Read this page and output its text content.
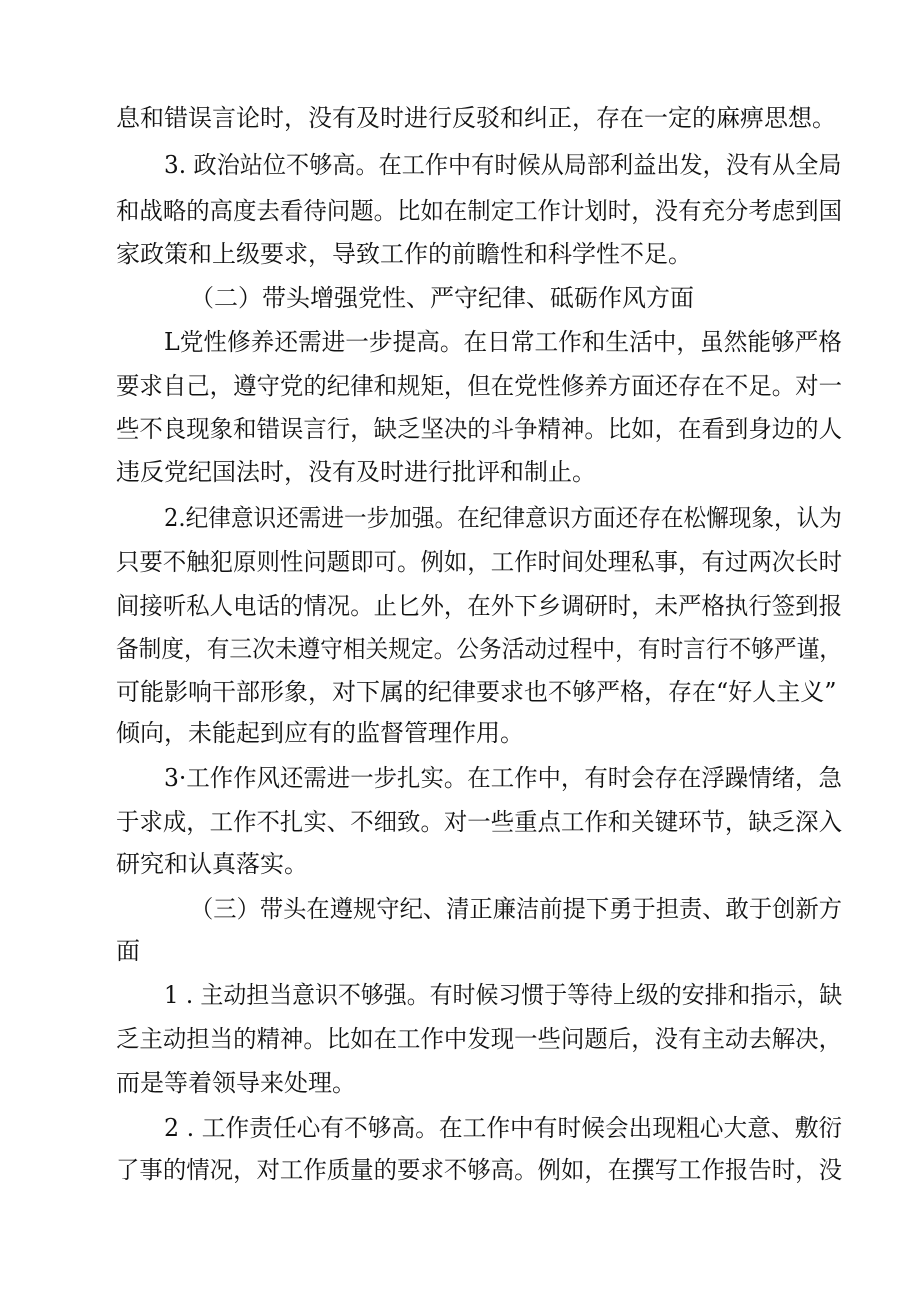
息和错误言论时，没有及时进行反驳和纠正，存在一定的麻痹思想。

3. 政治站位不够高。在工作中有时候从局部利益出发，没有从全局

和战略的高度去看待问题。比如在制定工作计划时，没有充分考虑到国

家政策和上级要求，导致工作的前瞻性和科学性不足。

（二）带头增强党性、严守纪律、砥砺作风方面

L党性修养还需进一步提高。在日常工作和生活中，虽然能够严格

要求自己，遵守党的纪律和规矩，但在党性修养方面还存在不足。对一

些不良现象和错误言行，缺乏坚决的斗争精神。比如，在看到身边的人

违反党纪国法时，没有及时进行批评和制止。

2.纪律意识还需进一步加强。在纪律意识方面还存在松懈现象，认为

只要不触犯原则性问题即可。例如，工作时间处理私事，有过两次长时

间接听私人电话的情况。止匕外，在外下乡调研时，未严格执行签到报

备制度，有三次未遵守相关规定。公务活动过程中，有时言行不够严谨，

可能影响干部形象，对下属的纪律要求也不够严格，存在“好人主义”

倾向，未能起到应有的监督管理作用。

3·工作作风还需进一步扎实。在工作中，有时会存在浮躁情绪，急

于求成，工作不扎实、不细致。对一些重点工作和关键环节，缺乏深入

研究和认真落实。

（三）带头在遵规守纪、清正廉洁前提下勇于担责、敢于创新方

面

1 . 主动担当意识不够强。有时候习惯于等待上级的安排和指示，缺

乏主动担当的精神。比如在工作中发现一些问题后，没有主动去解决，

而是等着领导来处理。

2 . 工作责任心有不够高。在工作中有时候会出现粗心大意、敷衍

了事的情况，对工作质量的要求不够高。例如，在撰写工作报告时，没
